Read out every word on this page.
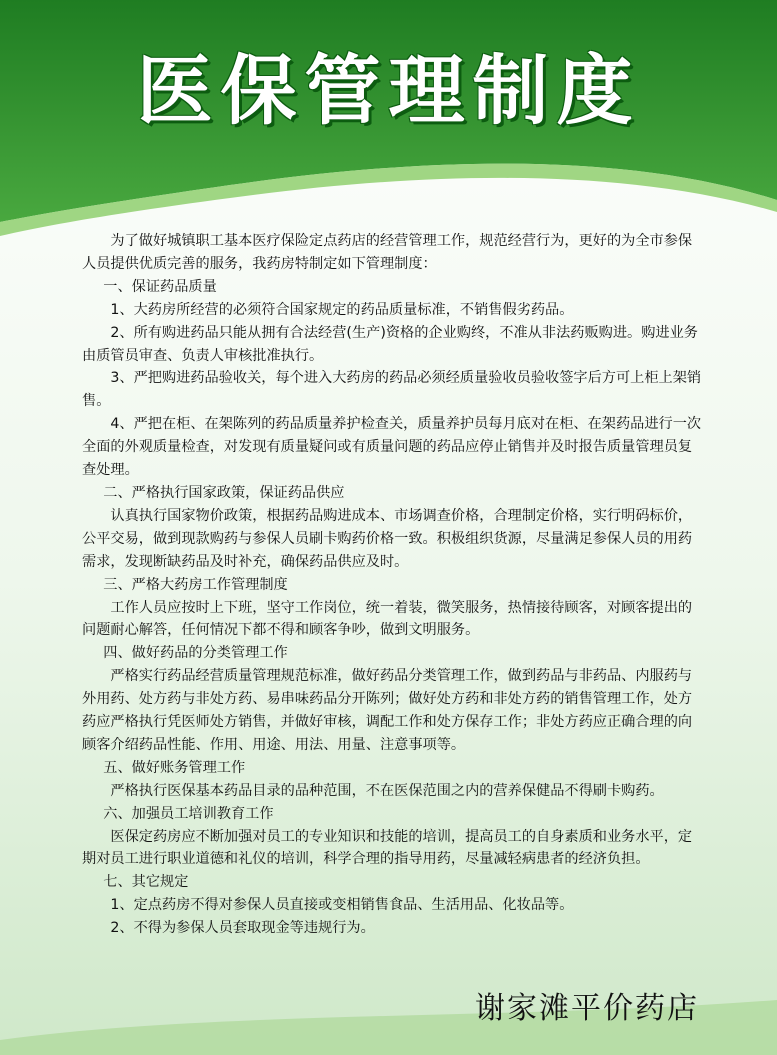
医保管理制度

为了做好城镇职工基本医疗保险定点药店的经营管理工作，规范经营行为，更好的为全市参保人员提供优质完善的服务，我药房特制定如下管理制度：

一、保证药品质量

1、大药房所经营的必须符合国家规定的药品质量标准，不销售假劣药品。

2、所有购进药品只能从拥有合法经营(生产)资格的企业购终，不准从非法药贩购进。购进业务由质管员审查、负责人审核批准执行。

3、严把购进药品验收关，每个进入大药房的药品必须经质量验收员验收签字后方可上柜上架销售。

4、严把在柜、在架陈列的药品质量养护检查关，质量养护员每月底对在柜、在架药品进行一次全面的外观质量检查，对发现有质量疑问或有质量问题的药品应停止销售并及时报告质量管理员复查处理。

二、严格执行国家政策，保证药品供应

认真执行国家物价政策，根据药品购进成本、市场调查价格，合理制定价格，实行明码标价，公平交易，做到现款购药与参保人员刷卡购药价格一致。积极组织货源，尽量满足参保人员的用药需求，发现断缺药品及时补充，确保药品供应及时。

三、严格大药房工作管理制度

工作人员应按时上下班，坚守工作岗位，统一着装，微笑服务，热情接待顾客，对顾客提出的问题耐心解答，任何情况下都不得和顾客争吵，做到文明服务。

四、做好药品的分类管理工作

严格实行药品经营质量管理规范标准，做好药品分类管理工作，做到药品与非药品、内服药与外用药、处方药与非处方药、易串味药品分开陈列；做好处方药和非处方药的销售管理工作，处方药应严格执行凭医师处方销售，并做好审核，调配工作和处方保存工作；非处方药应正确合理的向顾客介绍药品性能、作用、用途、用法、用量、注意事项等。

五、做好账务管理工作

严格执行医保基本药品目录的品种范围，不在医保范围之内的营养保健品不得刷卡购药。

六、加强员工培训教育工作

医保定药房应不断加强对员工的专业知识和技能的培训，提高员工的自身素质和业务水平，定期对员工进行职业道德和礼仪的培训，科学合理的指导用药，尽量减轻病患者的经济负担。

七、其它规定

1、定点药房不得对参保人员直接或变相销售食品、生活用品、化妆品等。

2、不得为参保人员套取现金等违规行为。

谢家滩平价药店
